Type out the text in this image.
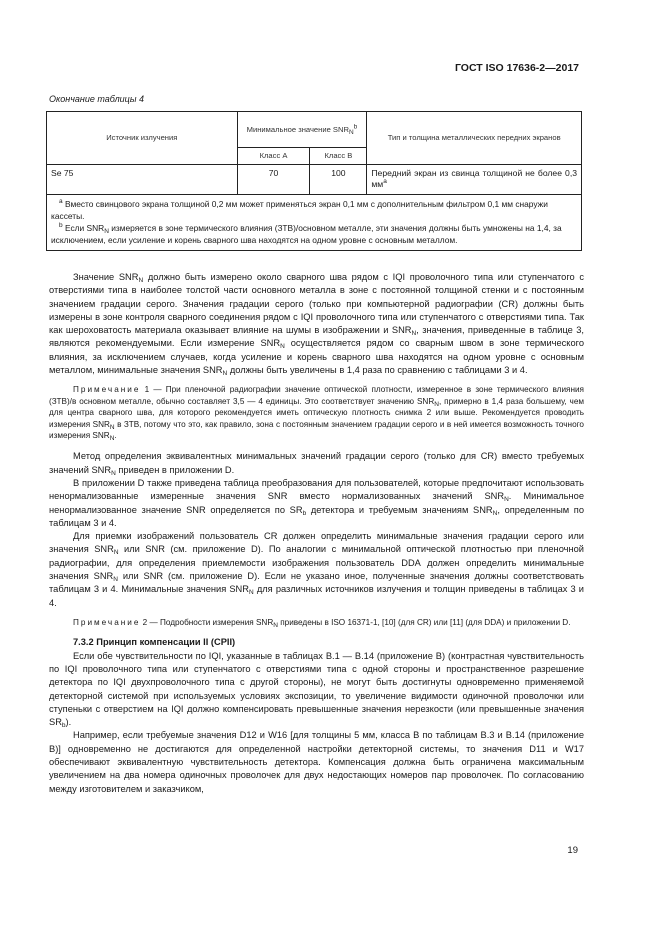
ГОСТ ISO 17636-2—2017
Окончание таблицы 4
Источник излучения	Минимальное значение $SNR_N^b$		Тип и толщина металлических передних экранов
	Класс А	Класс В	
Se 75	70	100	Передний экран из свинца толщиной не более 0,3 $мм^a$

$^a$ Вместо свинцового экрана толщиной 0,2 мм может применяться экран 0,1 мм с дополнительным фильтром 0,1 мм снаружи кассеты.

$^b$ Если $SNR_N$ измеряется в зоне термического влияния (ЗТВ)/основном металле, эти значения должны быть умножены на 1,4, за исключением, если усиление и корень сварного шва находятся на одном уровне с основным металлом.			

Значение $SNR_N$ должно быть измерено около сварного шва рядом с IQI проволочного типа или ступенчатого с отверстиями типа в наиболее толстой части основного металла в зоне с постоянной толщиной стенки и с постоянным значением градации серого. Значения градации серого (только при компьютерной радиографии (CR) должны быть измерены в зоне контроля сварного соединения рядом с IQI проволочного типа или ступенчатого с отверстиями типа. Так как шероховатость материала оказывает влияние на шумы в изображении и $SNR_N$, значения, приведенные в таблице 3, являются рекомендуемыми. Если измерение $SNR_N$ осуществляется рядом со сварным швом в зоне термического влияния, за исключением случаев, когда усиление и корень сварного шва находятся на одном уровне с основным металлом, минимальные значения $SNR_N$ должны быть увеличены в 1,4 раза по сравнению с таблицами 3 и 4.

Примечание 1 — При пленочной радиографии значение оптической плотности, измеренное в зоне термического влияния (ЗТВ)/в основном металле, обычно составляет 3,5 — 4 единицы. Это соответствует значению $SNR_N$, примерно в 1,4 раза большему, чем для центра сварного шва, для которого рекомендуется иметь оптическую плотность снимка 2 или выше. Рекомендуется проводить измерения $SNR_N$ в ЗТВ, потому что это, как правило, зона с постоянным значением градации серого и в ней имеется возможность точного измерения $SNR_N$.

Метод определения эквивалентных минимальных значений градации серого (только для CR) вместо требуемых значений $SNR_N$ приведен в приложении D.

В приложении D также приведена таблица преобразования для пользователей, которые предпочитают использовать ненормализованные измеренные значения SNR вместо нормализованных значений $SNR_N$. Минимальное ненормализованное значение SNR определяется по $SR_b$ детектора и требуемым значениям $SNR_N$, определенным по таблицам 3 и 4.

Для приемки изображений пользователь CR должен определить минимальные значения градации серого или значения $SNR_N$ или SNR (см. приложение D). По аналогии с минимальной оптической плотностью при пленочной радиографии, для определения приемлемости изображения пользователь DDA должен определить минимальные значения $SNR_N$ или SNR (см. приложение D). Если не указано иное, полученные значения должны соответствовать таблицам 3 и 4. Минимальные значения $SNR_N$ для различных источников излучения и толщин приведены в таблицах 3 и 4.

Примечание 2 — Подробности измерения $SNR_N$ приведены в ISO 16371-1, [10] (для CR) или [11] (для DDA) и приложении D.

7.3.2 Принцип компенсации II (CPII)

Если обе чувствительности по IQI, указанные в таблицах В.1 — В.14 (приложение В) (контрастная чувствительность по IQI проволочного типа или ступенчатого с отверстиями типа с одной стороны и пространственное разрешение детектора по IQI двухпроволочного типа с другой стороны), не могут быть достигнуты одновременно применяемой детекторной системой при используемых условиях экспозиции, то увеличение видимости одиночной проволочки или ступеньки с отверстием на IQI должно компенсировать превышенные значения нерезкости (или превышенные значения $SR_b$).

Например, если требуемые значения D12 и W16 [для толщины 5 мм, класса В по таблицам В.3 и В.14 (приложение В)] одновременно не достигаются для определенной настройки детекторной системы, то значения D11 и W17 обеспечивают эквивалентную чувствительность детектора. Компенсация должна быть ограничена максимальным увеличением на два номера одиночных проволочек для двух недостающих номеров пар проволочек. По согласованию между изготовителем и заказчиком,

19
